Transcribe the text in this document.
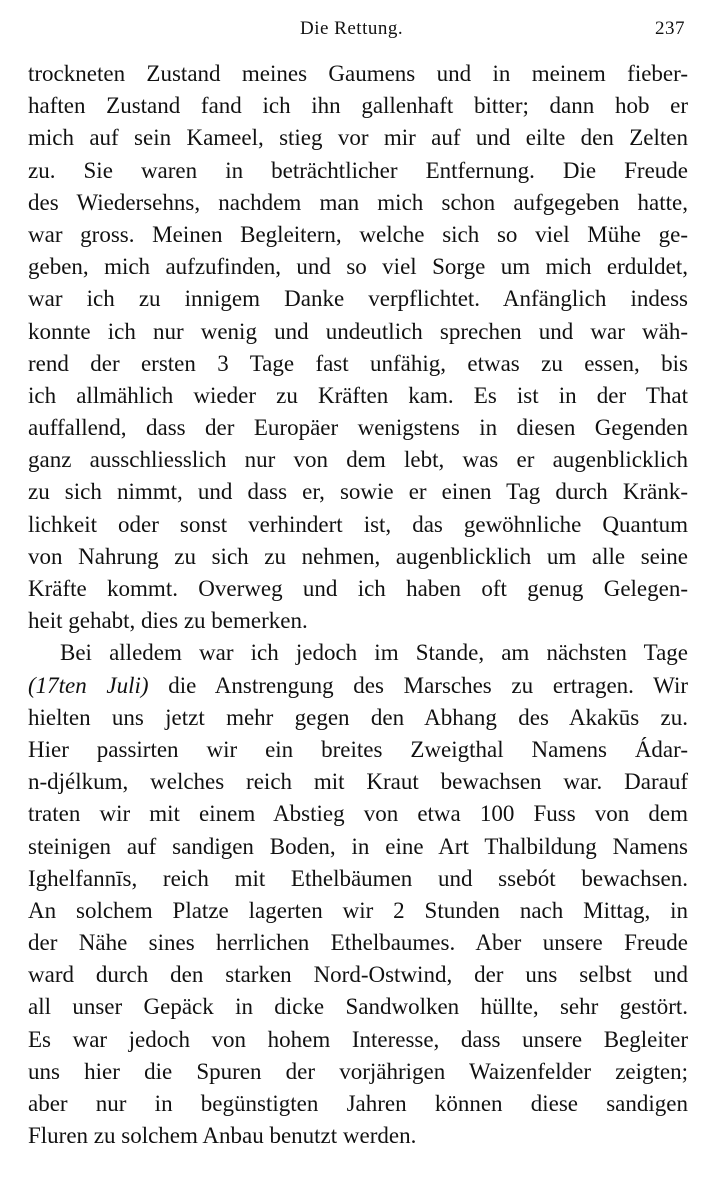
Die Rettung.	237
trockneten Zustand meines Gaumens und in meinem fieber-
haften Zustand fand ich ihn gallenhaft bitter; dann hob er
mich auf sein Kameel, stieg vor mir auf und eilte den Zelten
zu. Sie waren in beträchtlicher Entfernung. Die Freude
des Wiedersehns, nachdem man mich schon aufgegeben hatte,
war gross. Meinen Begleitern, welche sich so viel Mühe ge-
geben, mich aufzufinden, und so viel Sorge um mich erduldet,
war ich zu innigem Danke verpflichtet. Anfänglich indess
konnte ich nur wenig und undeutlich sprechen und war wäh-
rend der ersten 3 Tage fast unfähig, etwas zu essen, bis
ich allmählich wieder zu Kräften kam. Es ist in der That
auffallend, dass der Europäer wenigstens in diesen Gegenden
ganz ausschliesslich nur von dem lebt, was er augenblicklich
zu sich nimmt, und dass er, sowie er einen Tag durch Kränk-
lichkeit oder sonst verhindert ist, das gewöhnliche Quantum
von Nahrung zu sich zu nehmen, augenblicklich um alle seine
Kräfte kommt. Overweg und ich haben oft genug Gelegen-
heit gehabt, dies zu bemerken.
Bei alledem war ich jedoch im Stande, am nächsten Tage
(17ten Juli) die Anstrengung des Marsches zu ertragen. Wir
hielten uns jetzt mehr gegen den Abhang des Akakūs zu.
Hier passirten wir ein breites Zweigthal Namens Ádar-
n-djélkum, welches reich mit Kraut bewachsen war. Darauf
traten wir mit einem Abstieg von etwa 100 Fuss von dem
steinigen auf sandigen Boden, in eine Art Thalbildung Namens
Ighelfannīs, reich mit Ethelbäumen und ssebót bewachsen.
An solchem Platze lagerten wir 2 Stunden nach Mittag, in
der Nähe sines herrlichen Ethelbaumes. Aber unsere Freude
ward durch den starken Nord-Ostwind, der uns selbst und
all unser Gepäck in dicke Sandwolken hüllte, sehr gestört.
Es war jedoch von hohem Interesse, dass unsere Begleiter
uns hier die Spuren der vorjährigen Waizenfelder zeigten;
aber nur in begünstigten Jahren können diese sandigen
Fluren zu solchem Anbau benutzt werden.
